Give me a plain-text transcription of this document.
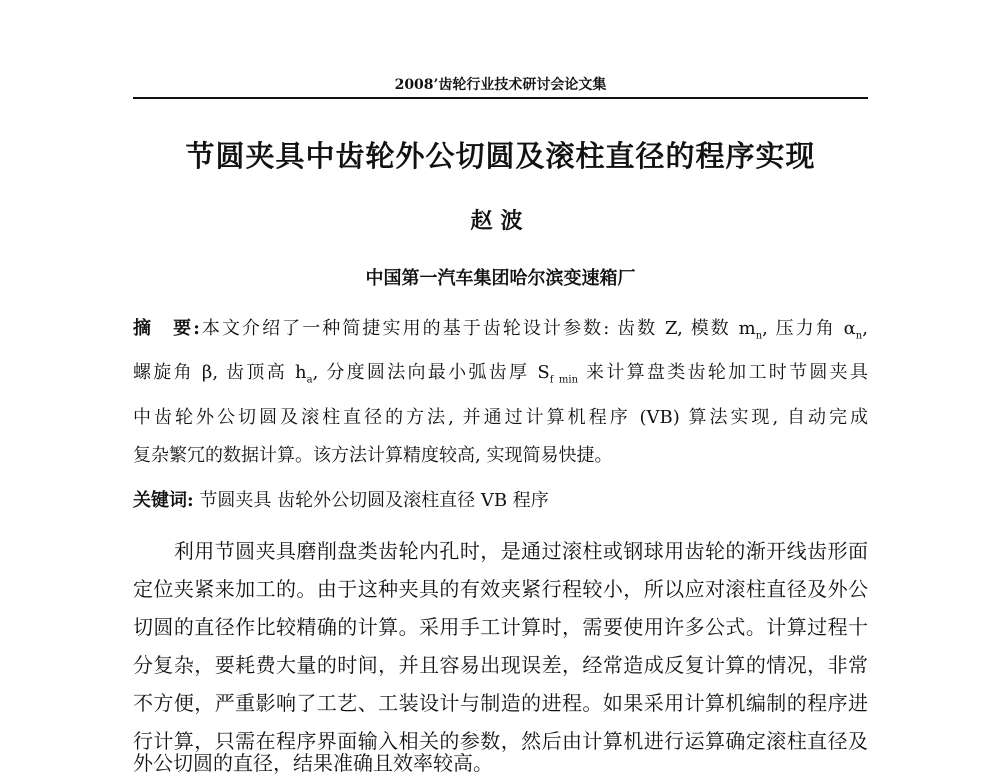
2008’齿轮行业技术研讨会论文集
节圆夹具中齿轮外公切圆及滚柱直径的程序实现
赵波
中国第一汽车集团哈尔滨变速箱厂
摘　要:本文介绍了一种简捷实用的基于齿轮设计参数: 齿数 Z, 模数 $m_n$, 压力角 $\alpha_n$,
螺旋角 β, 齿顶高 $h_a$, 分度圆法向最小弧齿厚 $S_{f min}$ 来计算盘类齿轮加工时节圆夹具
中齿轮外公切圆及滚柱直径的方法, 并通过计算机程序 (VB) 算法实现, 自动完成
复杂繁冗的数据计算。该方法计算精度较高, 实现简易快捷。
关键词: 节圆夹具 齿轮外公切圆及滚柱直径 VB 程序
　　利用节圆夹具磨削盘类齿轮内孔时，是通过滚柱或钢球用齿轮的渐开线齿形面
定位夹紧来加工的。由于这种夹具的有效夹紧行程较小，所以应对滚柱直径及外公
切圆的直径作比较精确的计算。采用手工计算时，需要使用许多公式。计算过程十
分复杂，要耗费大量的时间，并且容易出现误差，经常造成反复计算的情况，非常
不方便，严重影响了工艺、工装设计与制造的进程。如果采用计算机编制的程序进
行计算，只需在程序界面输入相关的参数，然后由计算机进行运算确定滚柱直径及
外公切圆的直径，结果准确且效率较高。
